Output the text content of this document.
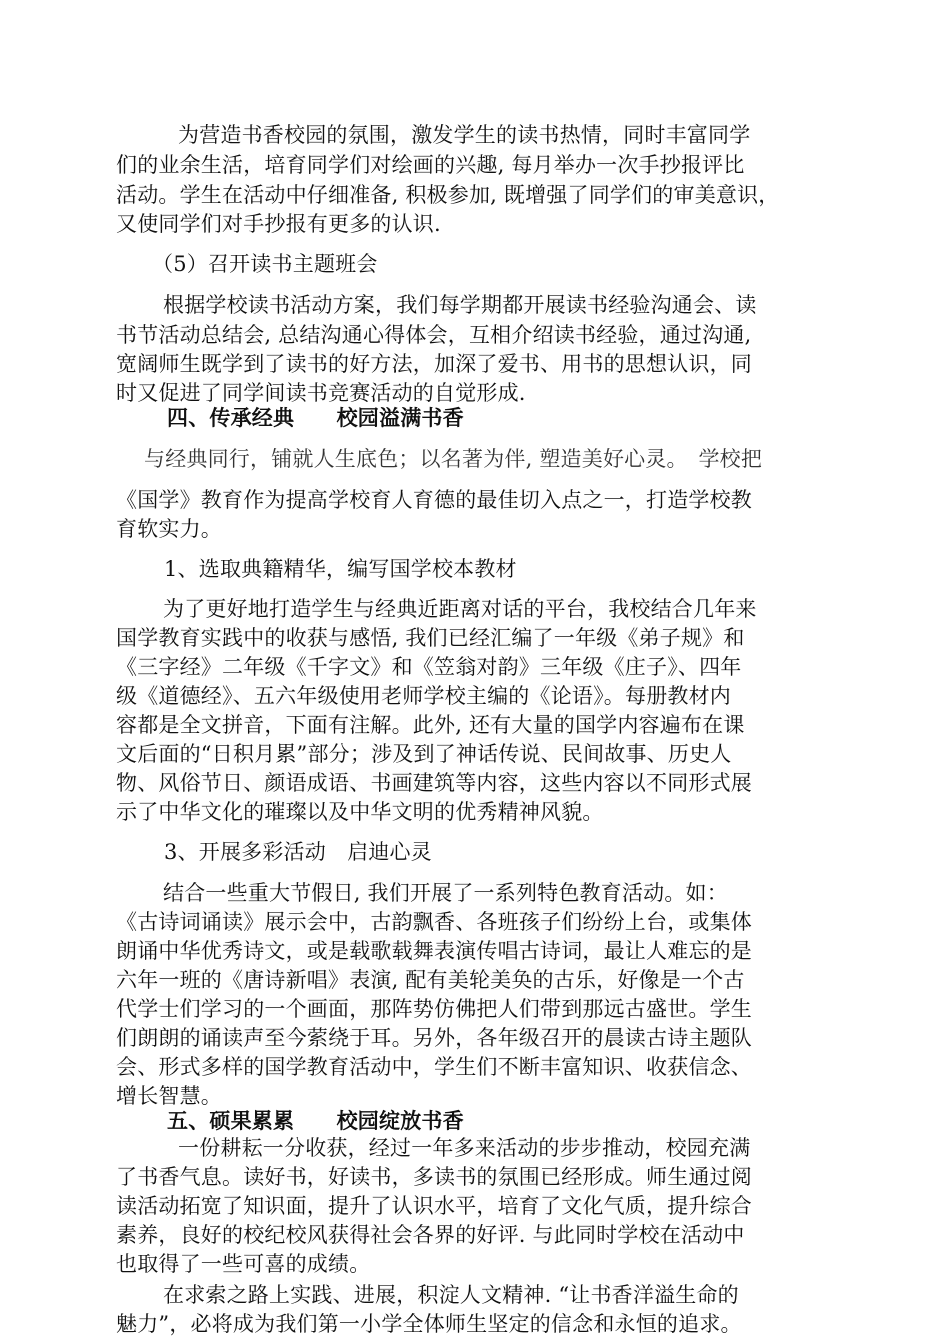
为营造书香校园的氛围，激发学生的读书热情，同时丰富同学
们的业余生活，培育同学们对绘画的兴趣, 每月举办一次手抄报评比
活动。学生在活动中仔细准备, 积极参加, 既增强了同学们的审美意识，
又使同学们对手抄报有更多的认识.
（5）召开读书主题班会
根据学校读书活动方案，我们每学期都开展读书经验沟通会、读
书节活动总结会, 总结沟通心得体会，互相介绍读书经验，通过沟通,
宽阔师生既学到了读书的好方法，加深了爱书、用书的思想认识，同
时又促进了同学间读书竞赛活动的自觉形成.
四、传承经典　　校园溢满书香
与经典同行，铺就人生底色；以名著为伴, 塑造美好心灵。　学校把
《国学》教育作为提高学校育人育德的最佳切入点之一，打造学校教
育软实力。
1、选取典籍精华，编写国学校本教材
为了更好地打造学生与经典近距离对话的平台，我校结合几年来
国学教育实践中的收获与感悟, 我们已经汇编了一年级《弟子规》和
《三字经》二年级《千字文》和《笠翁对韵》三年级《庄子》、四年
级《道德经》、五六年级使用老师学校主编的《论语》。每册教材内
容都是全文拼音，下面有注解。此外, 还有大量的国学内容遍布在课
文后面的“日积月累”部分；涉及到了神话传说、民间故事、历史人
物、风俗节日、颜语成语、书画建筑等内容，这些内容以不同形式展
示了中华文化的璀璨以及中华文明的优秀精神风貌。
3、开展多彩活动　启迪心灵
结合一些重大节假日, 我们开展了一系列特色教育活动。如：
《古诗词诵读》展示会中，古韵飘香、各班孩子们纷纷上台，或集体
朗诵中华优秀诗文，或是载歌载舞表演传唱古诗词，最让人难忘的是
六年一班的《唐诗新唱》表演, 配有美轮美奂的古乐，好像是一个古
代学士们学习的一个画面，那阵势仿佛把人们带到那远古盛世。学生
们朗朗的诵读声至今萦绕于耳。另外，各年级召开的晨读古诗主题队
会、形式多样的国学教育活动中，学生们不断丰富知识、收获信念、
增长智慧。
五、硕果累累　　校园绽放书香
一份耕耘一分收获，经过一年多来活动的步步推动，校园充满
了书香气息。读好书，好读书，多读书的氛围已经形成。师生通过阅
读活动拓宽了知识面，提升了认识水平，培育了文化气质，提升综合
素养，良好的校纪校风获得社会各界的好评. 与此同时学校在活动中
也取得了一些可喜的成绩。
在求索之路上实践、进展，积淀人文精神. “让书香洋溢生命的
魅力”，必将成为我们第一小学全体师生坚定的信念和永恒的追求。
